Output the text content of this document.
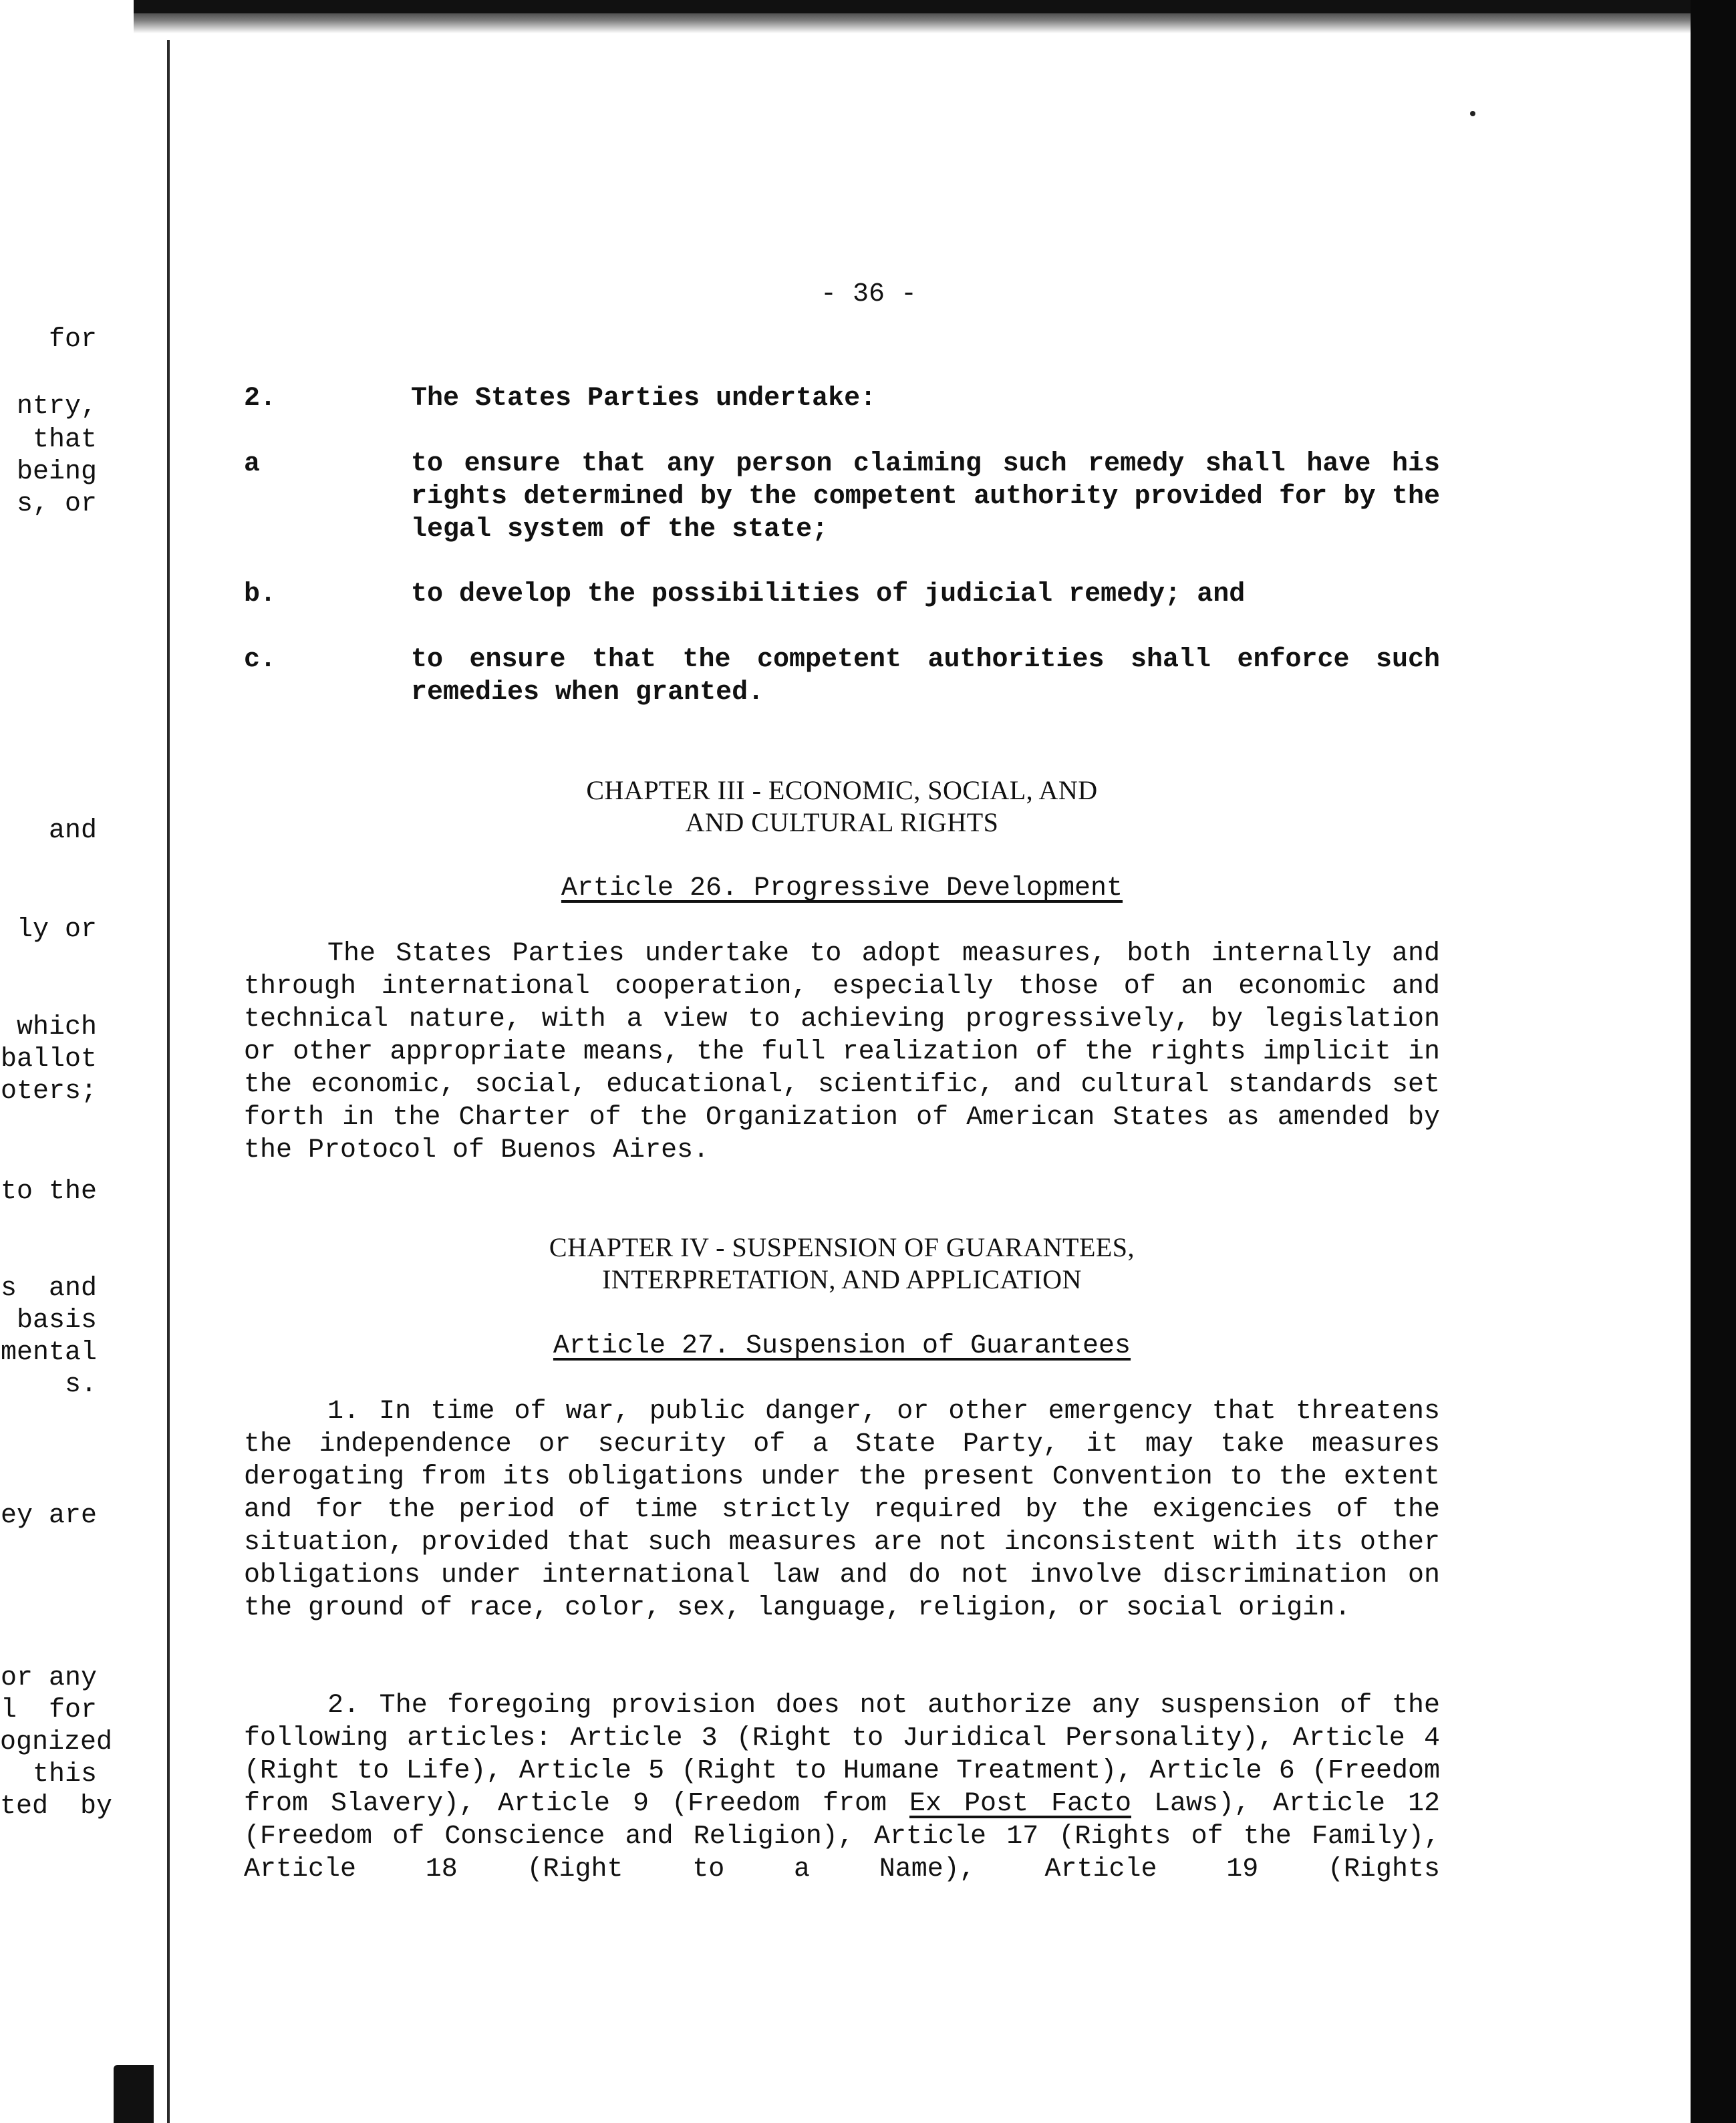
for
ntry,
that
being
s, or
and
ly or
which
ballot
oters;
to the
s  and
basis
mental
s.
ey are
or any
l  for
ognized
this
ted  by
- 36 -
2.	The States Parties undertake:
a	to ensure that any person claiming such remedy shall have his rights determined by the competent authority provided for by the legal system of the state;
b.	to develop the possibilities of judicial remedy; and
c.	to ensure that the competent authorities shall enforce such remedies when granted.
CHAPTER III - ECONOMIC, SOCIAL, AND
AND CULTURAL RIGHTS
Article 26. Progressive Development
The States Parties undertake to adopt measures, both internally and through international cooperation, especially those of an economic and technical nature, with a view to achieving progressively, by legislation or other appropriate means, the full realization of the rights implicit in the economic, social, educational, scientific, and cultural standards set forth in the Charter of the Organization of American States as amended by the Protocol of Buenos Aires.
CHAPTER IV - SUSPENSION OF GUARANTEES,
INTERPRETATION, AND APPLICATION
Article 27. Suspension of Guarantees
1. In time of war, public danger, or other emergency that threatens the independence or security of a State Party, it may take measures derogating from its obligations under the present Convention to the extent and for the period of time strictly required by the exigencies of the situation, provided that such measures are not inconsistent with its other obligations under international law and do not involve discrimination on the ground of race, color, sex, language, religion, or social origin.
2. The foregoing provision does not authorize any suspension of the following articles: Article 3 (Right to Juridical Personality), Article 4 (Right to Life), Article 5 (Right to Humane Treatment), Article 6 (Freedom from Slavery), Article 9 (Freedom from Ex Post Facto Laws), Article 12 (Freedom of Conscience and Religion), Article 17 (Rights of the Family), Article 18 (Right to a Name), Article 19 (Rights
